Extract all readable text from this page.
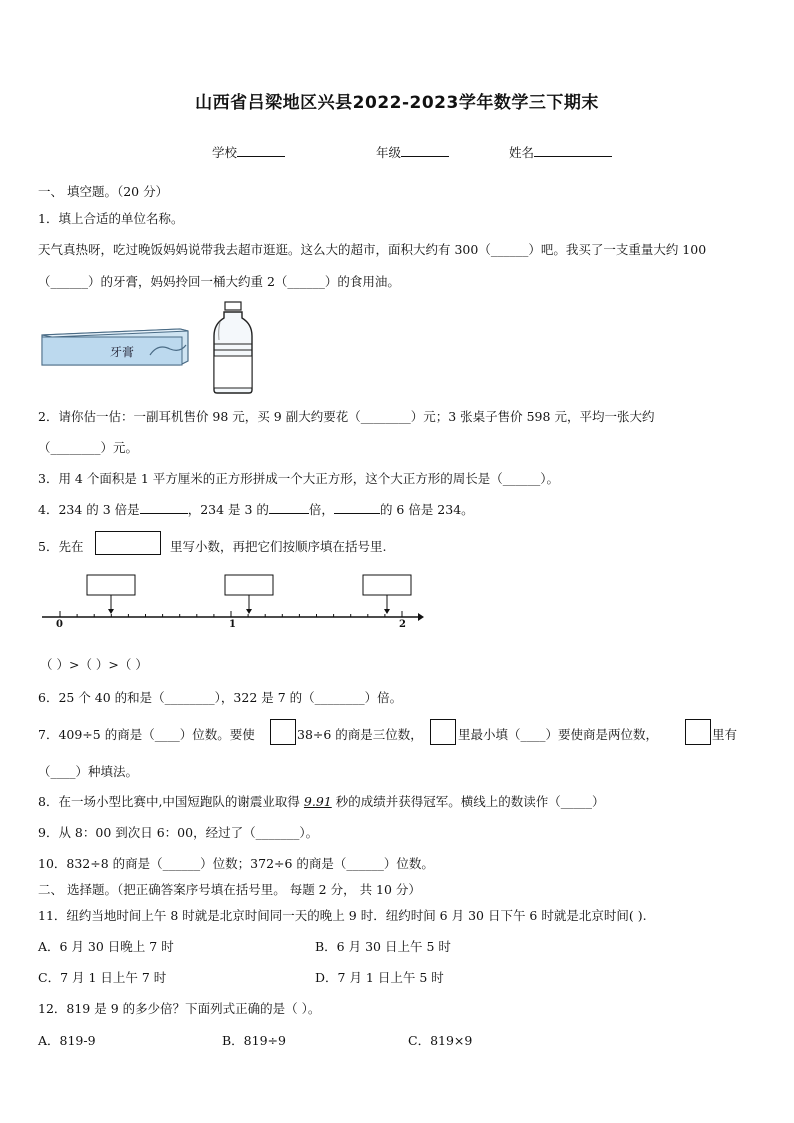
山西省吕梁地区兴县2022-2023学年数学三下期末
学校	年级	姓名
一、 填空题。（20 分）
1．填上合适的单位名称。
天气真热呀，吃过晚饭妈妈说带我去超市逛逛。这么大的超市，面积大约有 300（______）吧。我买了一支重量大约 100
（______）的牙膏，妈妈拎回一桶大约重 2（______）的食用油。
牙膏
2．请你估一估：一副耳机售价 98 元，买 9 副大约要花（________）元；3 张桌子售价 598 元，平均一张大约
（________）元。
3．用 4 个面积是 1 平方厘米的正方形拼成一个大正方形，这个大正方形的周长是（______）。
4．234 的 3 倍是	，234 是 3 的	倍，	的 6 倍是 234。
5．先在	里写小数，再把它们按顺序填在括号里.
0	1	2
（ ）>（ ）>（ ）
6．25 个 40 的和是（________），322 是 7 的（________）倍。
7．409÷5 的商是（____）位数。要使	38÷6 的商是三位数，	里最小填（____）要使商是两位数，	里有
（____）种填法。
8．在一场小型比赛中,中国短跑队的谢震业取得 9.91 秒的成绩并获得冠军。横线上的数读作（_____）
9．从 8：00 到次日 6：00，经过了（_______）。
10．832÷8 的商是（______）位数；372÷6 的商是（______）位数。
二、 选择题。（把正确答案序号填在括号里。 每题 2 分， 共 10 分）
11．纽约当地时间上午 8 时就是北京时间同一天的晚上 9 时．纽约时间 6 月 30 日下午 6 时就是北京时间( ).
A．6 月 30 日晚上 7 时	B．6 月 30 日上午 5 时
C．7 月 1 日上午 7 时	D．7 月 1 日上午 5 时
12．819 是 9 的多少倍？下面列式正确的是（ ）。
A．819-9	B．819÷9	C．819×9
